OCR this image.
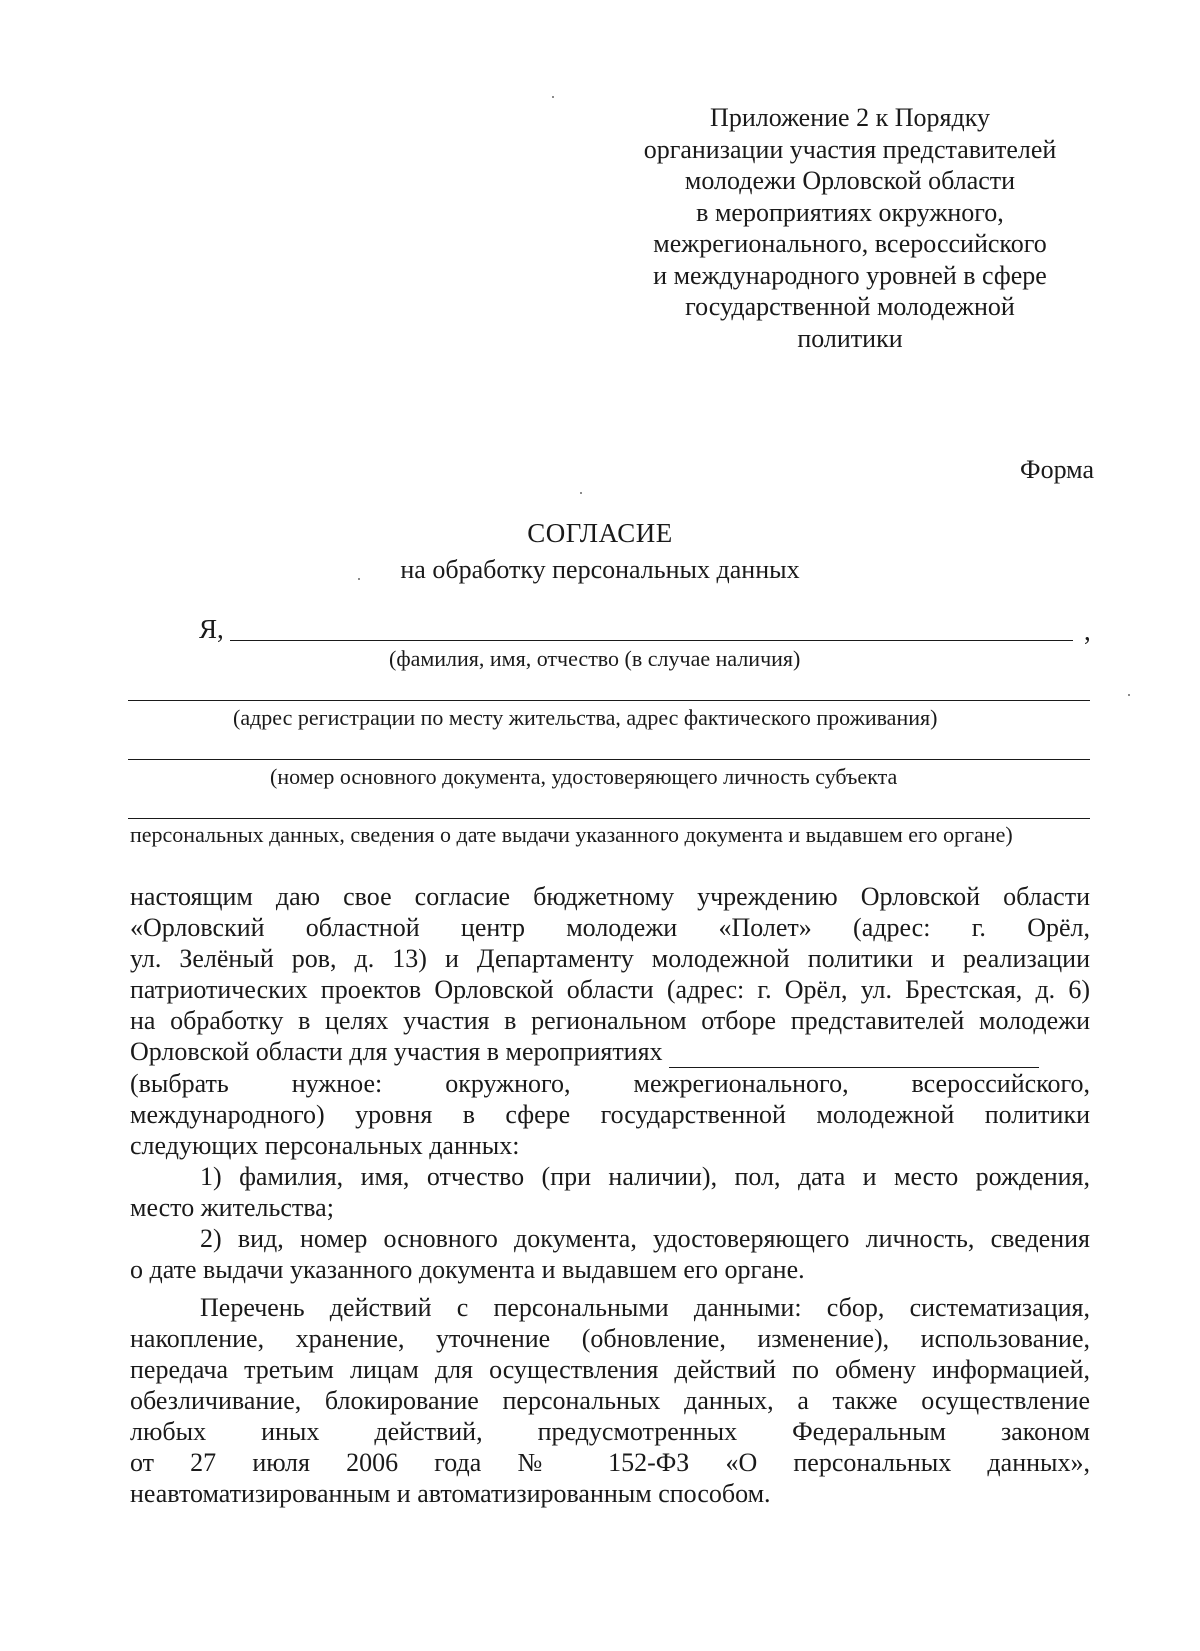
Приложение 2 к Порядку
организации участия представителей
молодежи Орловской области
в мероприятиях окружного,
межрегионального, всероссийского
и международного уровней в сфере
государственной молодежной
политики
Форма
СОГЛАСИЕ
на обработку персональных данных
Я,	,
(фамилия, имя, отчество (в случае наличия)
(адрес регистрации по месту жительства, адрес фактического проживания)
(номер основного документа, удостоверяющего личность субъекта
персональных данных, сведения о дате выдачи указанного документа и выдавшем его органе)
настоящим даю свое согласие бюджетному учреждению Орловской области
«Орловский областной центр молодежи «Полет» (адрес: г. Орёл,
ул. Зелёный ров, д. 13) и Департаменту молодежной политики и реализации
патриотических проектов Орловской области (адрес: г. Орёл, ул. Брестская, д. 6)
на обработку в целях участия в региональном отборе представителей молодежи
Орловской области для участия в мероприятиях
(выбрать нужное: окружного, межрегионального, всероссийского,
международного) уровня в сфере государственной молодежной политики
следующих персональных данных:
1) фамилия, имя, отчество (при наличии), пол, дата и место рождения,
место жительства;
2) вид, номер основного документа, удостоверяющего личность, сведения
о дате выдачи указанного документа и выдавшем его органе.
Перечень действий с персональными данными: сбор, систематизация,
накопление, хранение, уточнение (обновление, изменение), использование,
передача третьим лицам для осуществления действий по обмену информацией,
обезличивание, блокирование персональных данных, а также осуществление
любых иных действий, предусмотренных Федеральным законом
от 27 июля 2006 года № 152-ФЗ «О персональных данных»,
неавтоматизированным и автоматизированным способом.
